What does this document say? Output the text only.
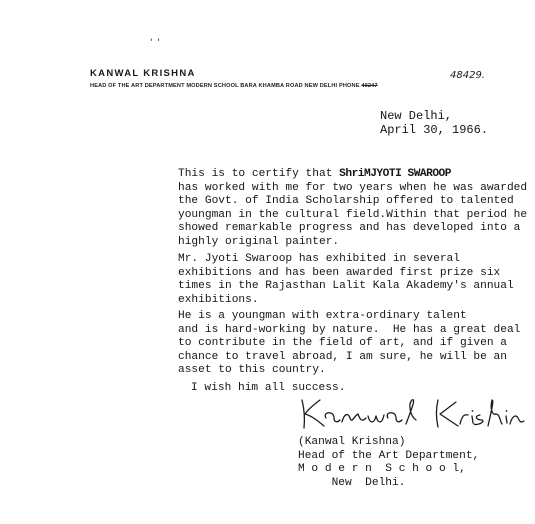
' '
KANWAL KRISHNA
HEAD OF THE ART DEPARTMENT MODERN SCHOOL BARA KHAMBA ROAD NEW DELHI PHONE 40247
48429.
New Delhi,
April 30, 1966.
This is to certify that ShriMJYOTI SWAROOP
has worked with me for two years when he was awarded
the Govt. of India Scholarship offered to talented
youngman in the cultural field.Within that period he
showed remarkable progress and has developed into a
highly original painter.
Mr. Jyoti Swaroop has exhibited in several
exhibitions and has been awarded first prize six
times in the Rajasthan Lalit Kala Akademy's annual
exhibitions.
He is a youngman with extra-ordinary talent
and is hard-working by nature.  He has a great deal
to contribute in the field of art, and if given a
chance to travel abroad, I am sure, he will be an
asset to this country.
I wish him all success.
(Kanwal Krishna)
Head of the Art Department,
M o d e r n  S c h o o l,
New  Delhi.
